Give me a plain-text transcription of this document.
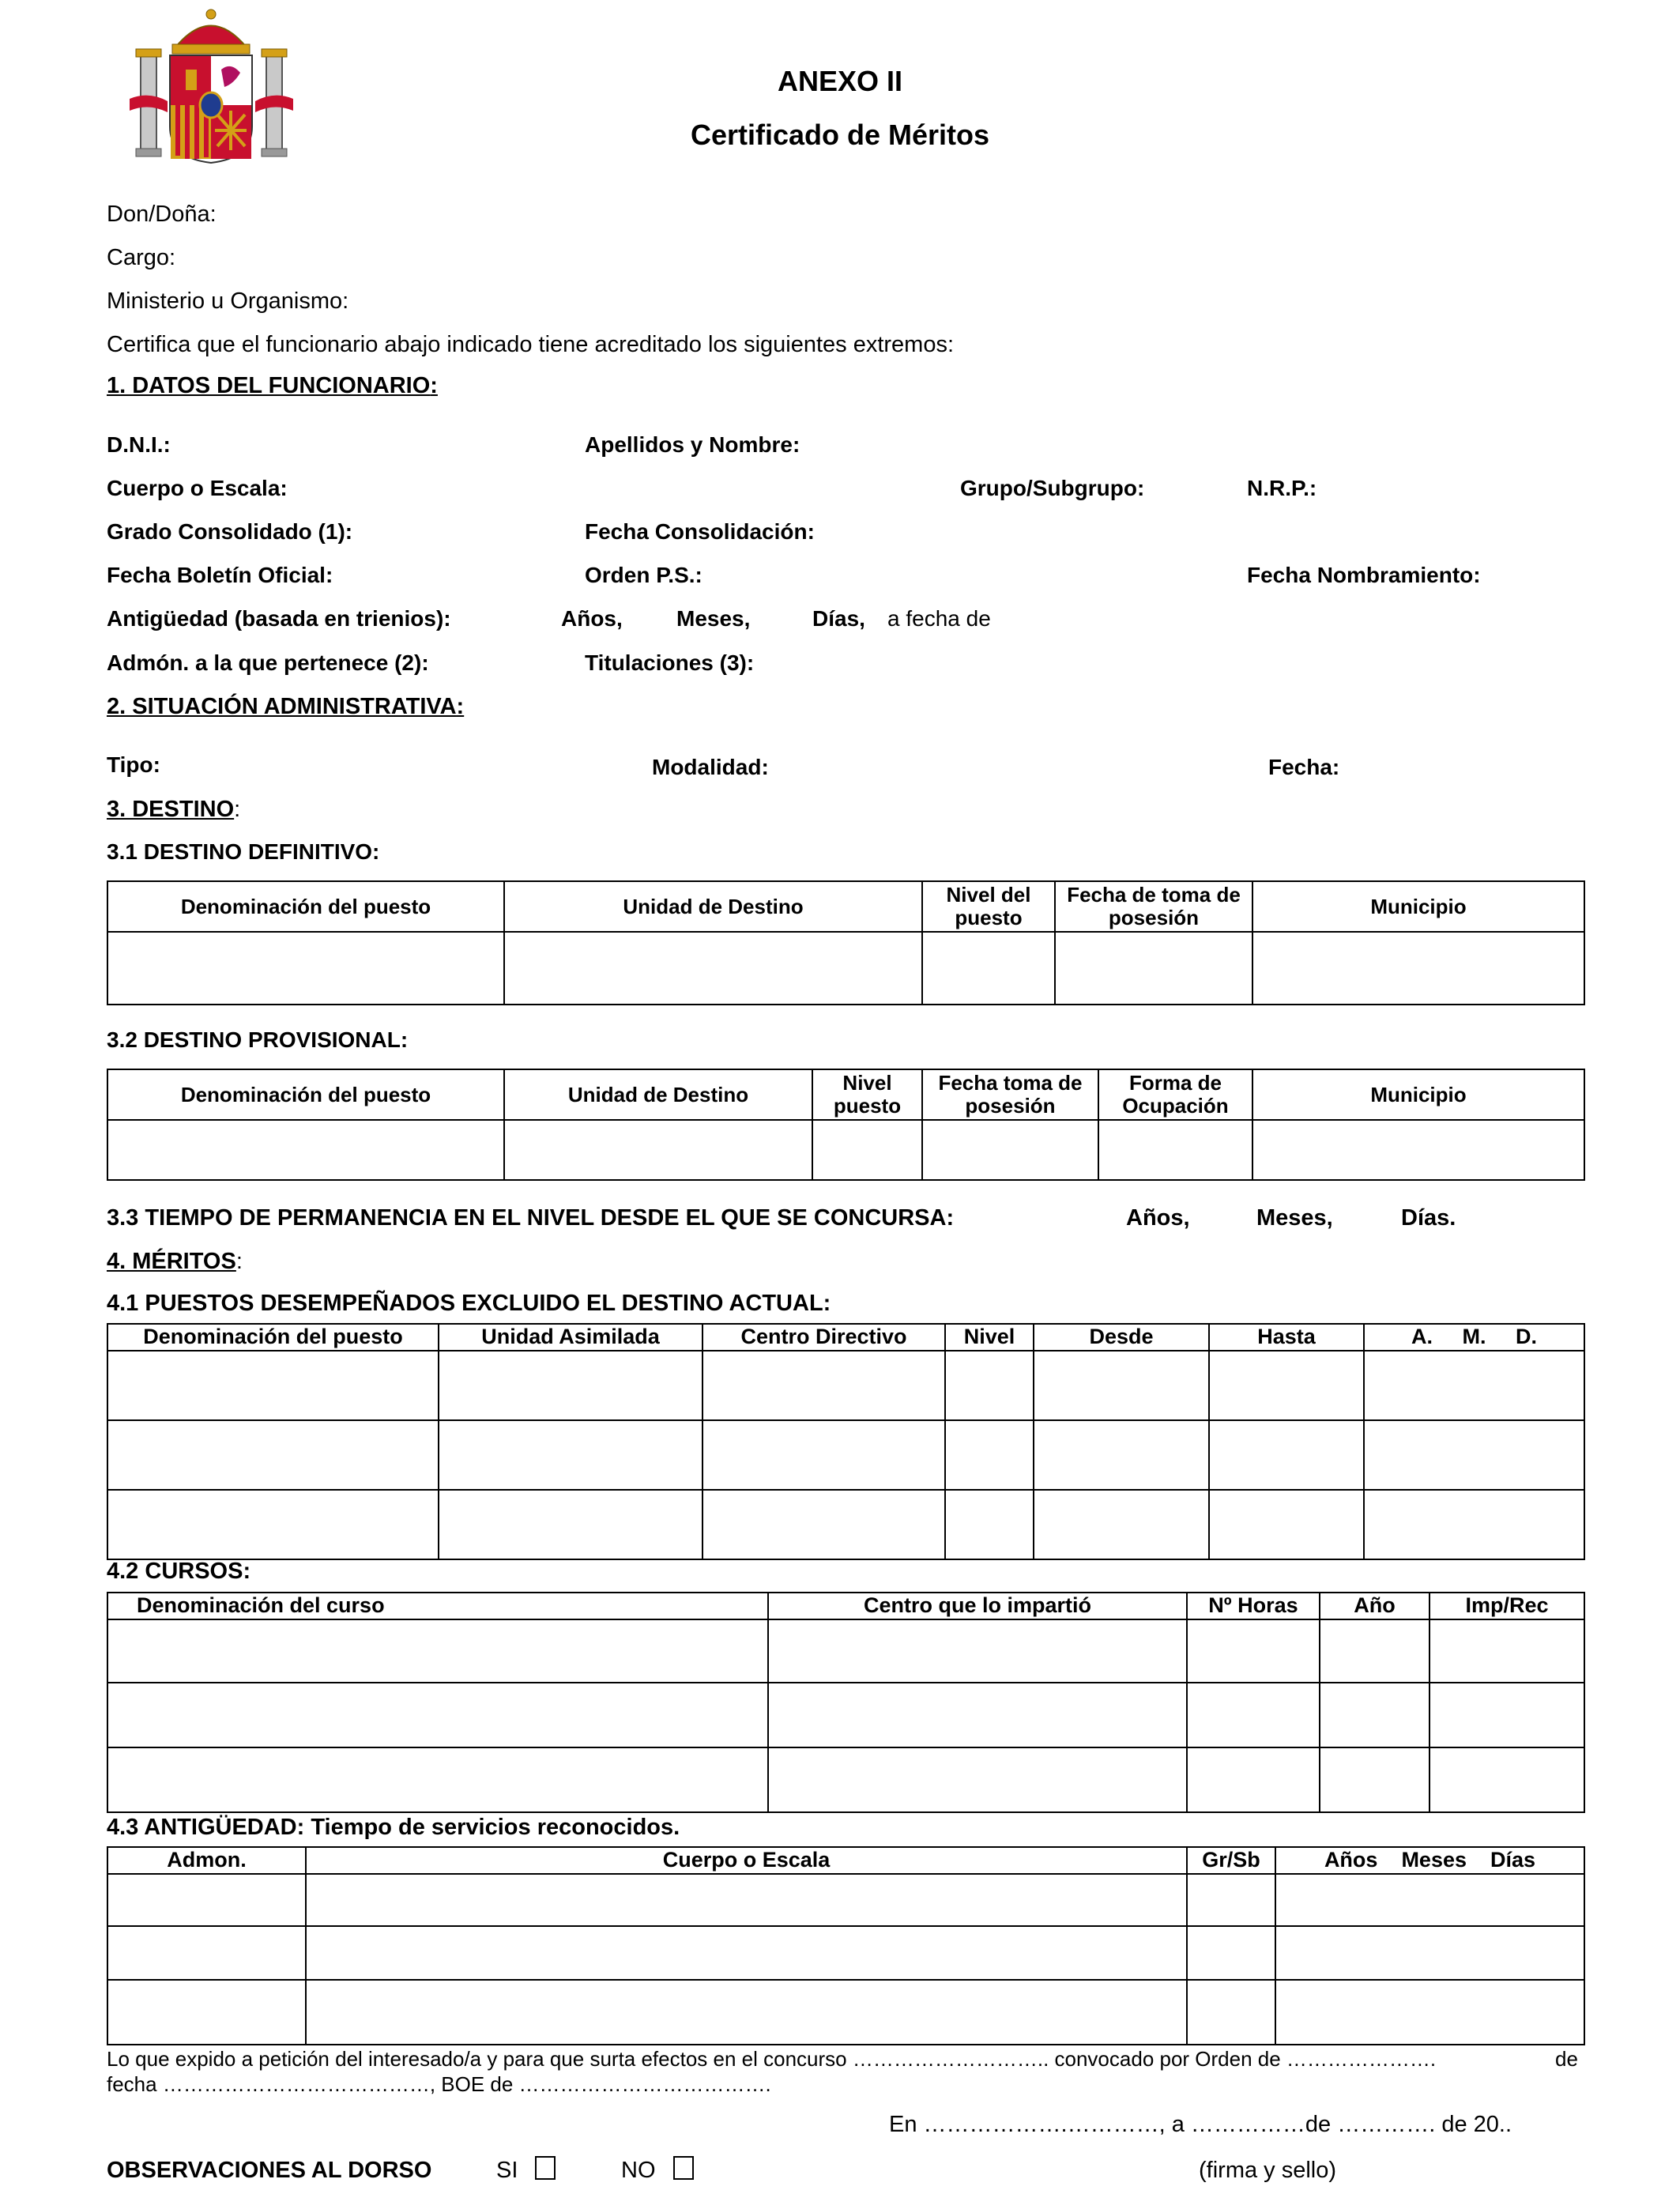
ANEXO II
Certificado de Méritos
Don/Doña:
Cargo:
Ministerio u Organismo:
Certifica que el funcionario abajo indicado tiene acreditado los siguientes extremos:
1. DATOS DEL FUNCIONARIO:
D.N.I.:	Apellidos y Nombre:
Cuerpo o Escala:	Grupo/Subgrupo:	N.R.P.:
Grado Consolidado (1):	Fecha Consolidación:
Fecha Boletín Oficial:	Orden P.S.:	Fecha Nombramiento:
Antigüedad (basada en trienios):	Años, Meses,	Días, a fecha de
Admón. a la que pertenece (2):	Titulaciones (3):
2. SITUACIÓN ADMINISTRATIVA:
Tipo:	Modalidad:	Fecha:
3. DESTINO:
3.1 DESTINO DEFINITIVO:
Denominación del puesto	Unidad de Destino	Nivel del puesto	Fecha de toma de posesión	Municipio

3.2 DESTINO PROVISIONAL:
Denominación del puesto	Unidad de Destino	Nivel puesto	Fecha toma de posesión	Forma de Ocupación	Municipio

3.3 TIEMPO DE PERMANENCIA EN EL NIVEL DESDE EL QUE SE CONCURSA:	Años,	Meses,	Días.
4. MÉRITOS:
4.1 PUESTOS DESEMPEÑADOS EXCLUIDO EL DESTINO ACTUAL:
Denominación del puesto	Unidad Asimilada	Centro Directivo	Nivel	Desde	Hasta	A.     M.     D.

4.2 CURSOS:
Denominación del curso	Centro que lo impartió	Nº Horas	Año	Imp/Rec

4.3 ANTIGÜEDAD: Tiempo de servicios reconocidos.
Admon.	Cuerpo o Escala	Gr/Sb	Años    Meses    Días

Lo que expido a petición del interesado/a y para que surta efectos en el concurso ……………………….. convocado por Orden de ………………….	de
fecha …………………………………, BOE de ……………………………….
En ……………….…………, a ……………de …………. de 20..
OBSERVACIONES AL DORSO	SI	NO	(firma y sello)
